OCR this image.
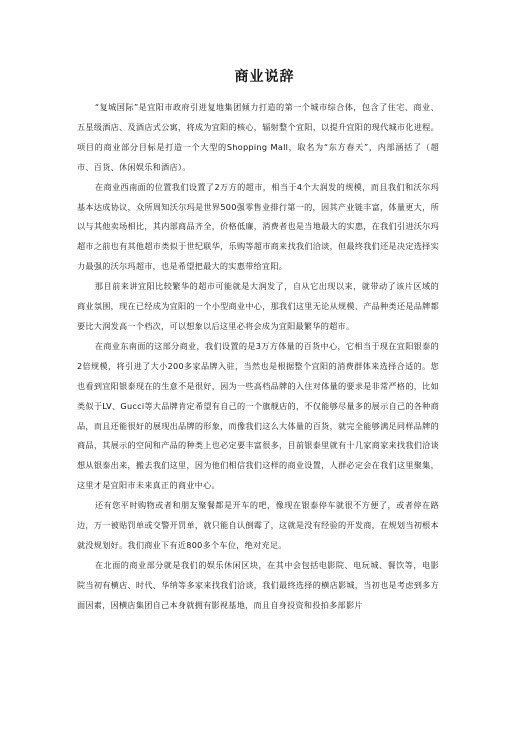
商业说辞

“复城国际”是宜阳市政府引进复地集团倾力打造的第一个城市综合体，包含了住宅、商业、五星级酒店、及酒店式公寓，将成为宜阳的核心，辐射整个宜阳，以提升宜阳的现代城市化进程。项目的商业部分目标是打造一个大型的Shopping Mall，取名为“东方春天”，内部涵括了（超市、百货、休闲娱乐和酒店）。

在商业西南面的位置我们设置了2万方的超市，相当于4个大润发的规模，而且我们和沃尔玛基本达成协议，众所周知沃尔玛是世界500强零售业排行第一的，因其产业链丰富，体量更大，所以与其他卖场相比，其内部商品齐全，价格低廉，消费者也是当地最大的实惠，在我们引进沃尔玛超市之前也有其他超市类似于世纪联华，乐购等超市商来找我们洽谈，但最终我们还是决定选择实力最强的沃尔玛超市，也是希望把最大的实惠带给宜阳。

那目前来讲宜阳比较繁华的超市可能就是大润发了，自从它出现以来，就带动了该片区域的商业氛围，现在已经成为宜阳的一个小型商业中心，那我们这里无论从规模、产品种类还是品牌都要比大润发高一个档次，可以想象以后这里必将会成为宜阳最繁华的超市。

在商业东南面的这部分商业，我们设置的是3万方体量的百货中心，它相当于现在宜阳银泰的2倍规模，将引进了大小200多家品牌入驻，当然也是根据整个宜阳的消费群体来选择合适的。您也看到宜阳银泰现在的生意不是很好，因为一些高档品牌的入住对体量的要求是非常严格的，比如类似于LV、Gucci等大品牌肯定希望有自己的一个旗舰店的，不仅能够尽量多的展示自己的各种商品，而且还能很好的展现出品牌的形象，而像我们这么大体量的百货，就完全能够满足同样品牌的商品，其展示的空间和产品的种类上也必定要丰富很多，目前银泰里就有十几家商家来找我们洽谈想从银泰出来，搬去我们这里，因为他们相信我们这样的商业设置，人群必定会在我们这里聚集，这里才是宜阳市未来真正的商业中心。

还有您平时购物或者和朋友聚餐都是开车的吧，像现在银泰停车就很不方便了，或者停在路边，万一被贴罚单或交警开罚单，就只能自认倒霉了，这就是没有经验的开发商，在规划当初根本就没规划好。我们商业下有近800多个车位，绝对充足。

在北面的商业部分就是我们的娱乐休闲区块，在其中会包括电影院、电玩城、餐饮等，电影院当初有横店、时代、华纳等多家来找我们洽谈，我们最终选择的横店影城，当初也是考虑到多方面因素，因横店集团自己本身就拥有影视基地，而且自身投资和投拍多部影片
